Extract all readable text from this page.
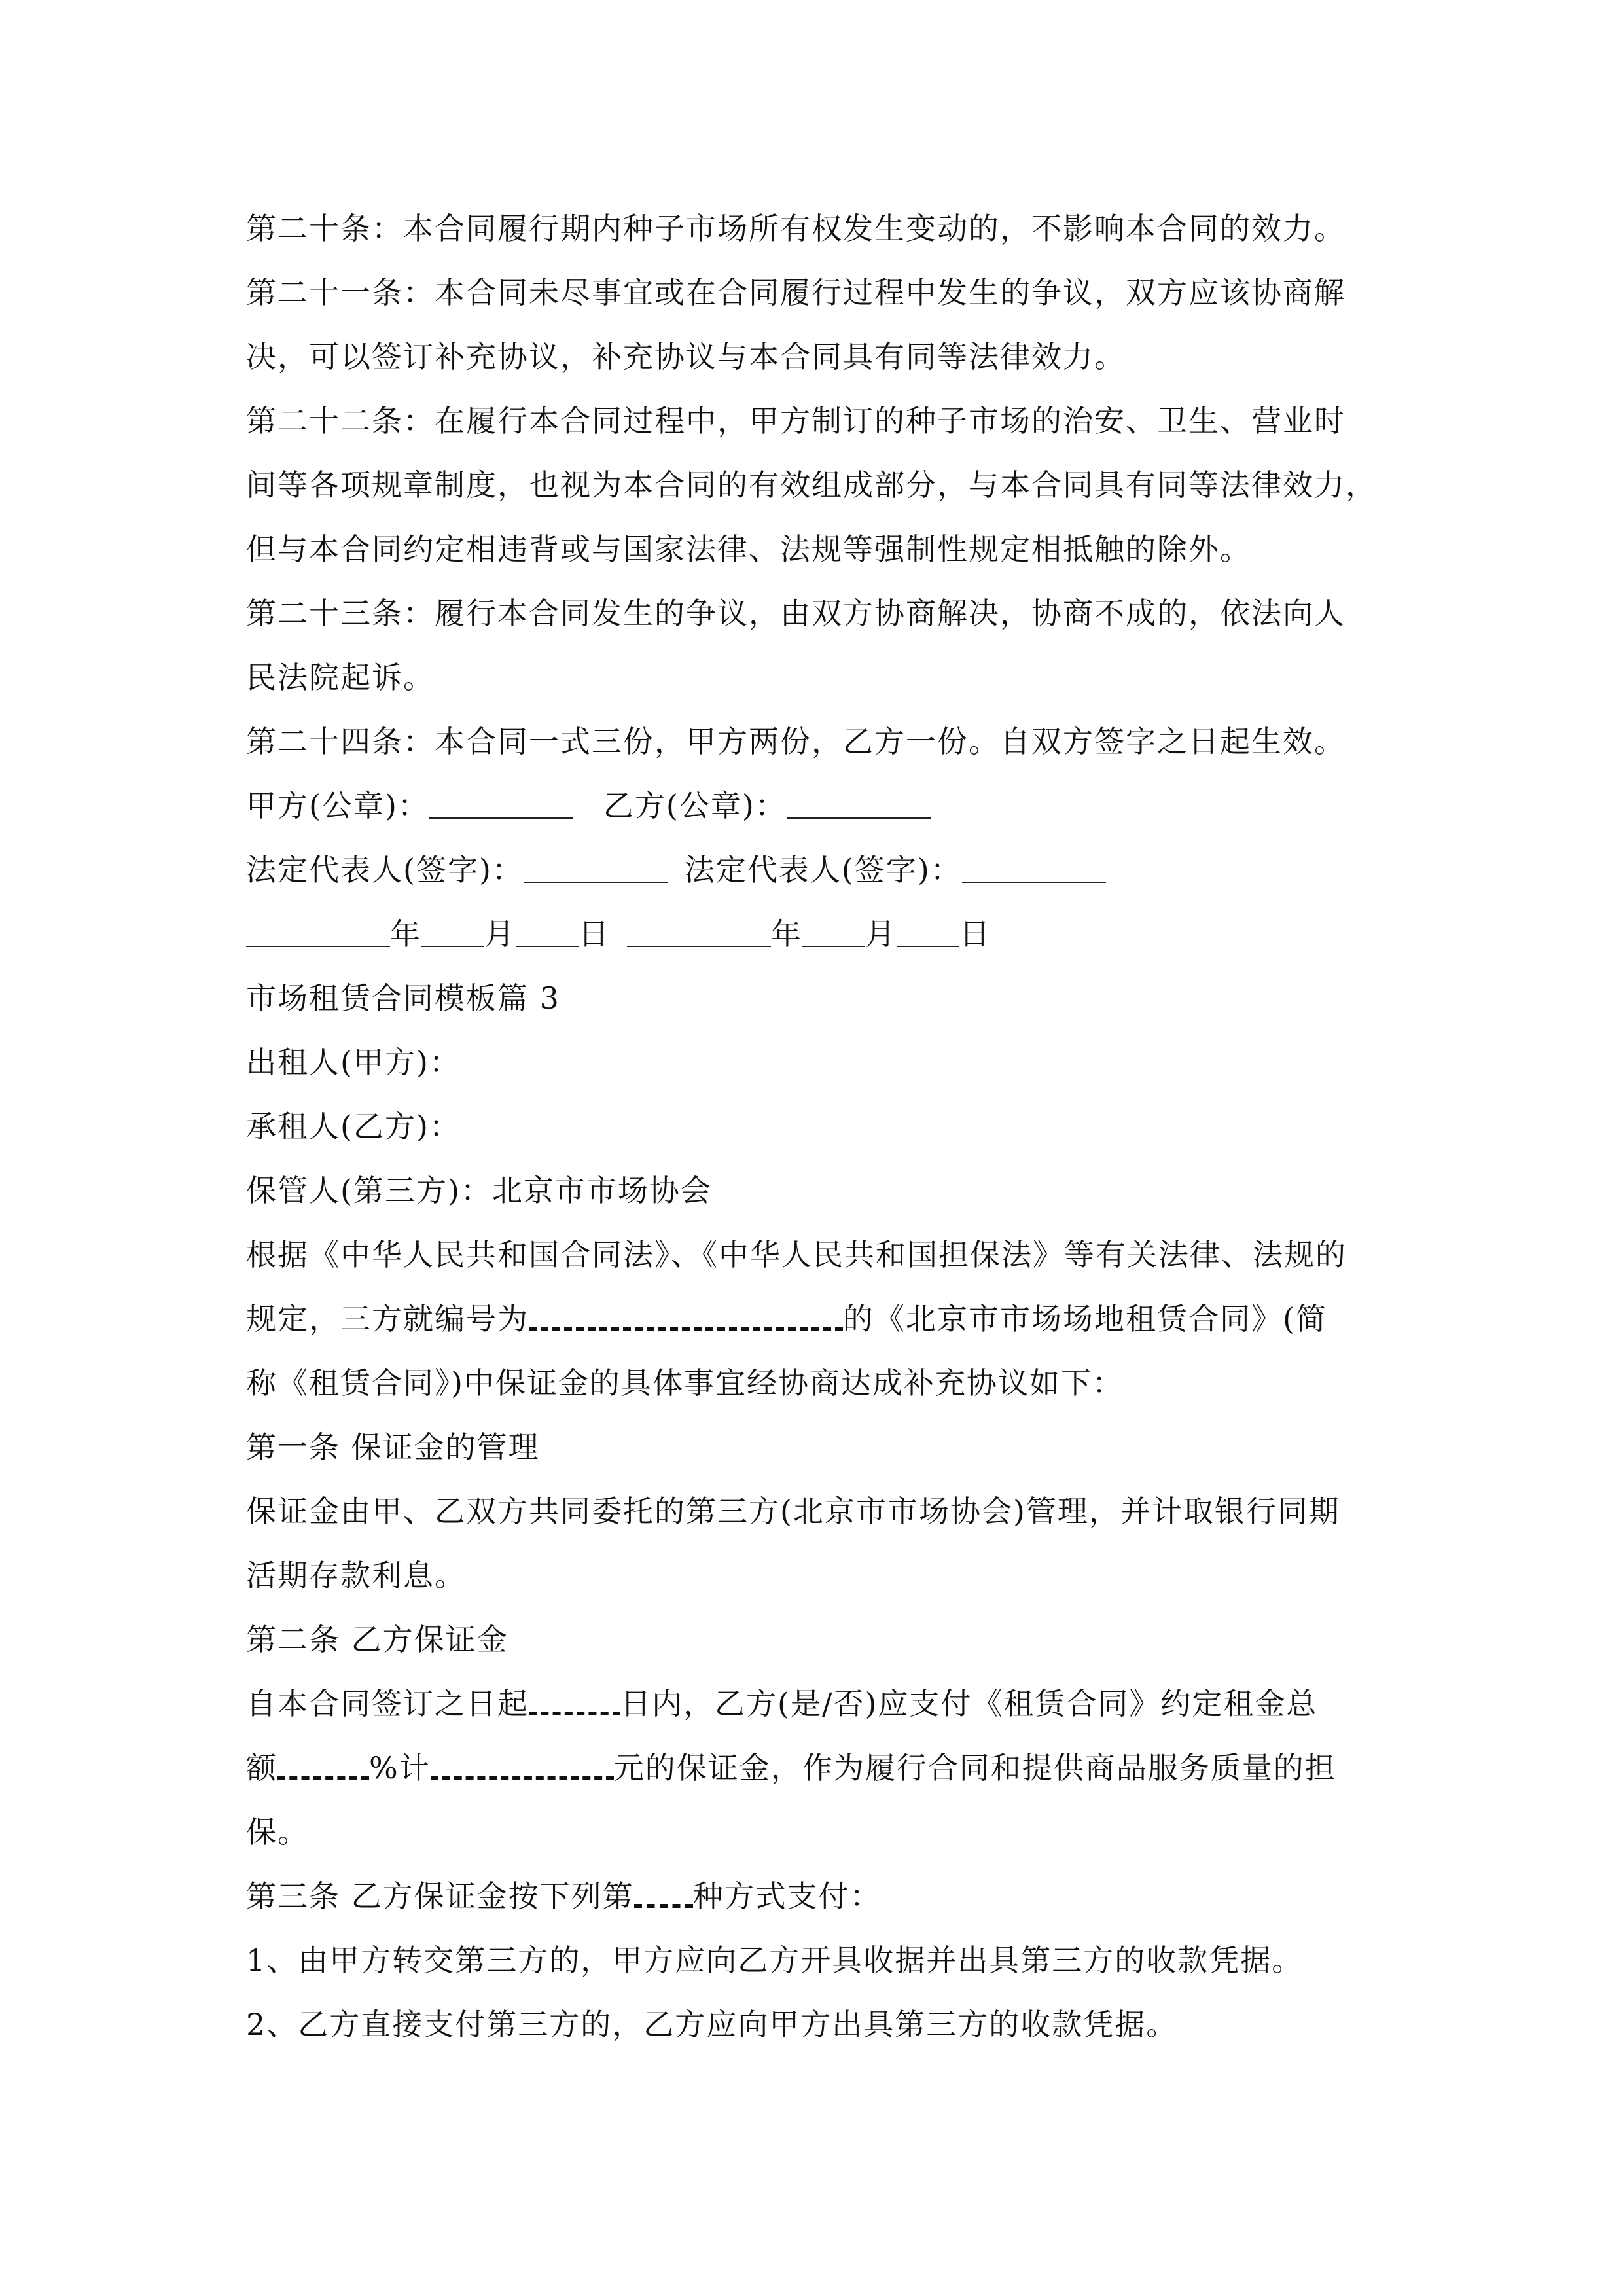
第二十条：本合同履行期内种子市场所有权发生变动的，不影响本合同的效力。
第二十一条：本合同未尽事宜或在合同履行过程中发生的争议，双方应该协商解
决，可以签订补充协议，补充协议与本合同具有同等法律效力。
第二十二条：在履行本合同过程中，甲方制订的种子市场的治安、卫生、营业时
间等各项规章制度，也视为本合同的有效组成部分，与本合同具有同等法律效力，
但与本合同约定相违背或与国家法律、法规等强制性规定相抵触的除外。
第二十三条：履行本合同发生的争议，由双方协商解决，协商不成的，依法向人
民法院起诉。
第二十四条：本合同一式三份，甲方两份，乙方一份。自双方签字之日起生效。
甲方(公章)：	乙方(公章)：
法定代表人(签字)：	法定代表人(签字)：
年 月 日	年 月 日
市场租赁合同模板篇 3
出租人(甲方)：
承租人(乙方)：
保管人(第三方)：北京市市场协会
根据《中华人民共和国合同法》、《中华人民共和国担保法》等有关法律、法规的
规定，三方就编号为	的《北京市市场场地租赁合同》(简
称《租赁合同》)中保证金的具体事宜经协商达成补充协议如下：
第一条 保证金的管理
保证金由甲、乙双方共同委托的第三方(北京市市场协会)管理，并计取银行同期
活期存款利息。
第二条 乙方保证金
自本合同签订之日起	日内，乙方(是/否)应支付《租赁合同》约定租金总
额	%计	元的保证金，作为履行合同和提供商品服务质量的担
保。
第三条 乙方保证金按下列第 种方式支付：
1、由甲方转交第三方的，甲方应向乙方开具收据并出具第三方的收款凭据。
2、乙方直接支付第三方的，乙方应向甲方出具第三方的收款凭据。
